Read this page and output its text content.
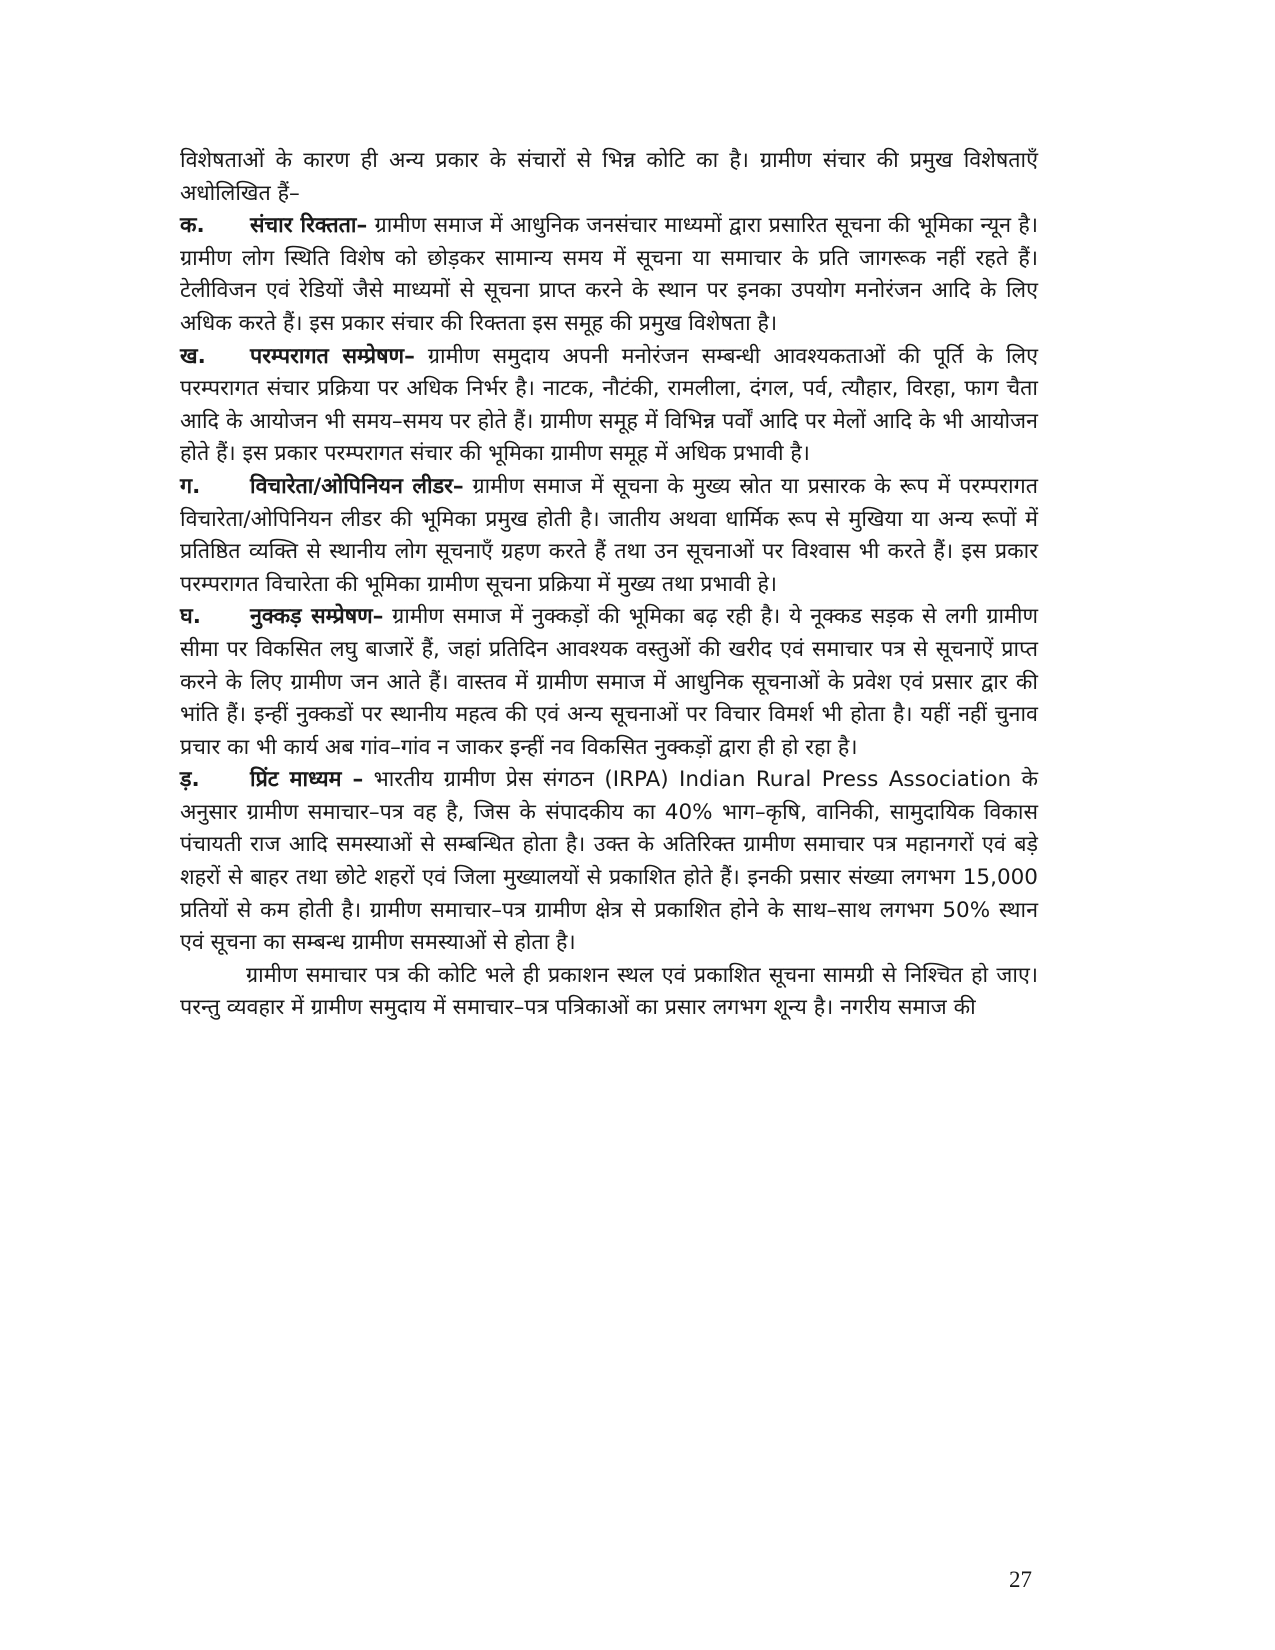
विशेषताओं के कारण ही अन्य प्रकार के संचारों से भिन्न कोटि का है। ग्रामीण संचार की प्रमुख विशेषताएँ अधोलिखित हैं–

क. संचार रिक्तता– ग्रामीण समाज में आधुनिक जनसंचार माध्यमों द्वारा प्रसारित सूचना की भूमिका न्यून है। ग्रामीण लोग स्थिति विशेष को छोड़कर सामान्य समय में सूचना या समाचार के प्रति जागरूक नहीं रहते हैं। टेलीविजन एवं रेडियों जैसे माध्यमों से सूचना प्राप्त करने के स्थान पर इनका उपयोग मनोरंजन आदि के लिए अधिक करते हैं। इस प्रकार संचार की रिक्तता इस समूह की प्रमुख विशेषता है।

ख. परम्परागत सम्प्रेषण– ग्रामीण समुदाय अपनी मनोरंजन सम्बन्धी आवश्यकताओं की पूर्ति के लिए परम्परागत संचार प्रक्रिया पर अधिक निर्भर है। नाटक, नौटंकी, रामलीला, दंगल, पर्व, त्यौहार, विरहा, फाग चैता आदि के आयोजन भी समय–समय पर होते हैं। ग्रामीण समूह में विभिन्न पर्वों आदि पर मेलों आदि के भी आयोजन होते हैं। इस प्रकार परम्परागत संचार की भूमिका ग्रामीण समूह में अधिक प्रभावी है।

ग. विचारेता/ओपिनियन लीडर– ग्रामीण समाज में सूचना के मुख्य स्रोत या प्रसारक के रूप में परम्परागत विचारेता/ओपिनियन लीडर की भूमिका प्रमुख होती है। जातीय अथवा धार्मिक रूप से मुखिया या अन्य रूपों में प्रतिष्ठित व्यक्ति से स्थानीय लोग सूचनाएँ ग्रहण करते हैं तथा उन सूचनाओं पर विश्वास भी करते हैं। इस प्रकार परम्परागत विचारेता की भूमिका ग्रामीण सूचना प्रक्रिया में मुख्य तथा प्रभावी हे।

घ. नुक्कड़ सम्प्रेषण– ग्रामीण समाज में नुक्कड़ों की भूमिका बढ़ रही है। ये नूक्कड सड़क से लगी ग्रामीण सीमा पर विकसित लघु बाजारें हैं, जहां प्रतिदिन आवश्यक वस्तुओं की खरीद एवं समाचार पत्र से सूचनाऐं प्राप्त करने के लिए ग्रामीण जन आते हैं। वास्तव में ग्रामीण समाज में आधुनिक सूचनाओं के प्रवेश एवं प्रसार द्वार की भांति हैं। इन्हीं नुक्कडों पर स्थानीय महत्व की एवं अन्य सूचनाओं पर विचार विमर्श भी होता है। यहीं नहीं चुनाव प्रचार का भी कार्य अब गांव–गांव न जाकर इन्हीं नव विकसित नुक्कड़ों द्वारा ही हो रहा है।

ड़. प्रिंट माध्यम – भारतीय ग्रामीण प्रेस संगठन (IRPA) Indian Rural Press Association के अनुसार ग्रामीण समाचार–पत्र वह है, जिस के संपादकीय का 40% भाग–कृषि, वानिकी, सामुदायिक विकास पंचायती राज आदि समस्याओं से सम्बन्धित होता है। उक्त के अतिरिक्त ग्रामीण समाचार पत्र महानगरों एवं बड़े शहरों से बाहर तथा छोटे शहरों एवं जिला मुख्यालयों से प्रकाशित होते हैं। इनकी प्रसार संख्या लगभग 15,000 प्रतियों से कम होती है। ग्रामीण समाचार–पत्र ग्रामीण क्षेत्र से प्रकाशित होने के साथ–साथ लगभग 50% स्थान एवं सूचना का सम्बन्ध ग्रामीण समस्याओं से होता है।

ग्रामीण समाचार पत्र की कोटि भले ही प्रकाशन स्थल एवं प्रकाशित सूचना सामग्री से निश्चित हो जाए। परन्तु व्यवहार में ग्रामीण समुदाय में समाचार–पत्र पत्रिकाओं का प्रसार लगभग शून्य है। नगरीय समाज की

27
